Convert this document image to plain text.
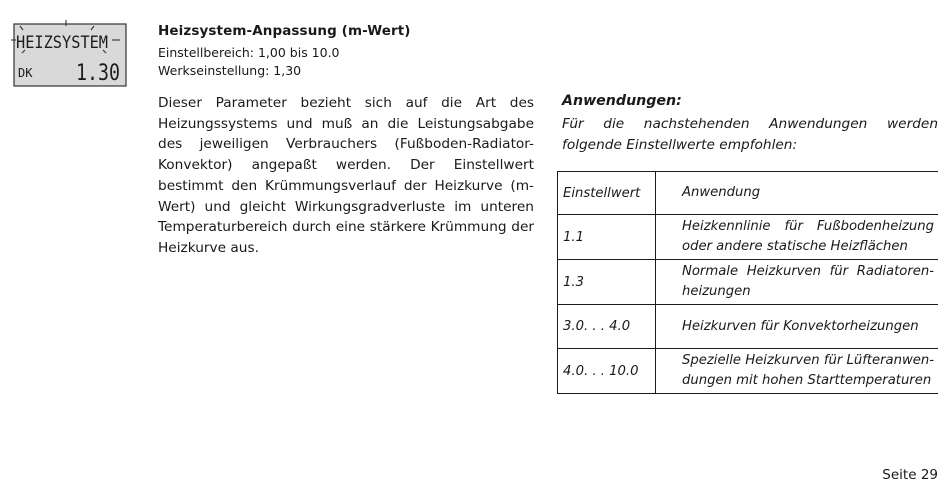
HEIZSYSTEM
DK 1.30
Heizsystem-Anpassung (m-Wert)
Einstellbereich: 1,00 bis 10.0
Werkseinstellung: 1,30

Dieser Parameter bezieht sich auf die Art des Heizungssystems und muß an die Leistungsabgabe des jeweiligen Verbrauchers (Fußboden-Radiator-Konvektor) angepaßt werden. Der Einstellwert bestimmt den Krümmungsverlauf der Heizkurve (m-Wert) und gleicht Wirkungsgradverluste im unteren Temperaturbereich durch eine stärkere Krümmung der Heizkurve aus.

Anwendungen:

Für die nachstehenden Anwendungen werden folgende Einstellwerte empfohlen:

Einstellwert	Anwendung
1.1	Heizkennlinie für Fußbodenheizung oder andere statische Heizflächen
1.3	Normale Heizkurven für Radiatoren-heizungen
3.0. . . 4.0	Heizkurven für Konvektorheizungen
4.0. . . 10.0	Spezielle Heizkurven für Lüfteranwen-dungen mit hohen Starttemperaturen
Seite 29
